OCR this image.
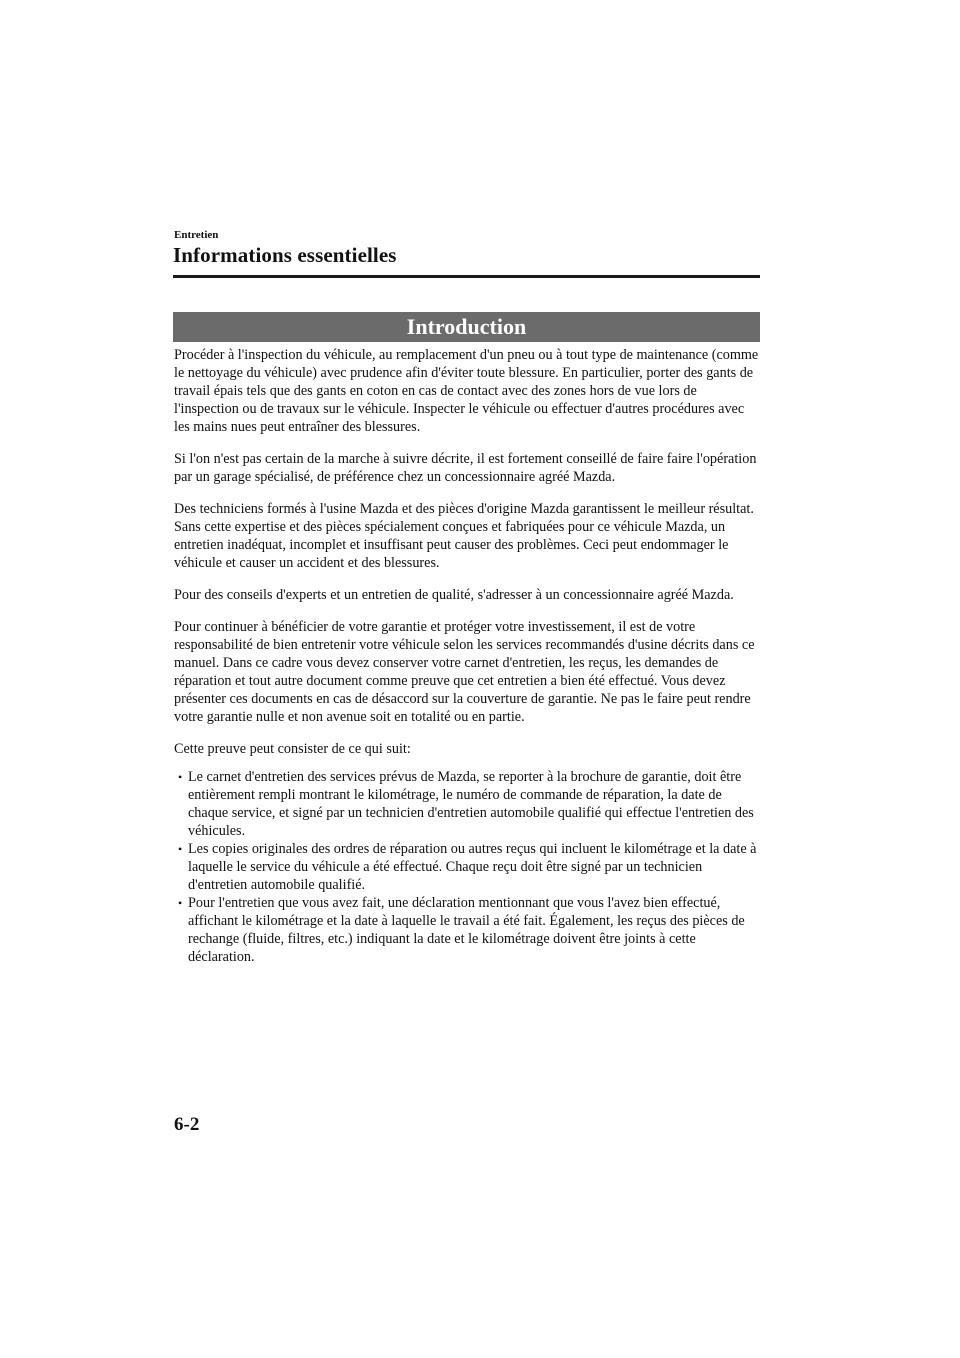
Entretien
Informations essentielles
Introduction

Procéder à l'inspection du véhicule, au remplacement d'un pneu ou à tout type de maintenance (comme le nettoyage du véhicule) avec prudence afin d'éviter toute blessure. En particulier, porter des gants de travail épais tels que des gants en coton en cas de contact avec des zones hors de vue lors de l'inspection ou de travaux sur le véhicule. Inspecter le véhicule ou effectuer d'autres procédures avec les mains nues peut entraîner des blessures.

Si l'on n'est pas certain de la marche à suivre décrite, il est fortement conseillé de faire faire l'opération par un garage spécialisé, de préférence chez un concessionnaire agréé Mazda.

Des techniciens formés à l'usine Mazda et des pièces d'origine Mazda garantissent le meilleur résultat. Sans cette expertise et des pièces spécialement conçues et fabriquées pour ce véhicule Mazda, un entretien inadéquat, incomplet et insuffisant peut causer des problèmes. Ceci peut endommager le véhicule et causer un accident et des blessures.

Pour des conseils d'experts et un entretien de qualité, s'adresser à un concessionnaire agréé Mazda.

Pour continuer à bénéficier de votre garantie et protéger votre investissement, il est de votre responsabilité de bien entretenir votre véhicule selon les services recommandés d'usine décrits dans ce manuel. Dans ce cadre vous devez conserver votre carnet d'entretien, les reçus, les demandes de réparation et tout autre document comme preuve que cet entretien a bien été effectué. Vous devez présenter ces documents en cas de désaccord sur la couverture de garantie. Ne pas le faire peut rendre votre garantie nulle et non avenue soit en totalité ou en partie.

Cette preuve peut consister de ce qui suit:

• Le carnet d'entretien des services prévus de Mazda, se reporter à la brochure de garantie, doit être entièrement rempli montrant le kilométrage, le numéro de commande de réparation, la date de chaque service, et signé par un technicien d'entretien automobile qualifié qui effectue l'entretien des véhicules.
• Les copies originales des ordres de réparation ou autres reçus qui incluent le kilométrage et la date à laquelle le service du véhicule a été effectué. Chaque reçu doit être signé par un technicien d'entretien automobile qualifié.
• Pour l'entretien que vous avez fait, une déclaration mentionnant que vous l'avez bien effectué, affichant le kilométrage et la date à laquelle le travail a été fait. Également, les reçus des pièces de rechange (fluide, filtres, etc.) indiquant la date et le kilométrage doivent être joints à cette déclaration.
6-2
